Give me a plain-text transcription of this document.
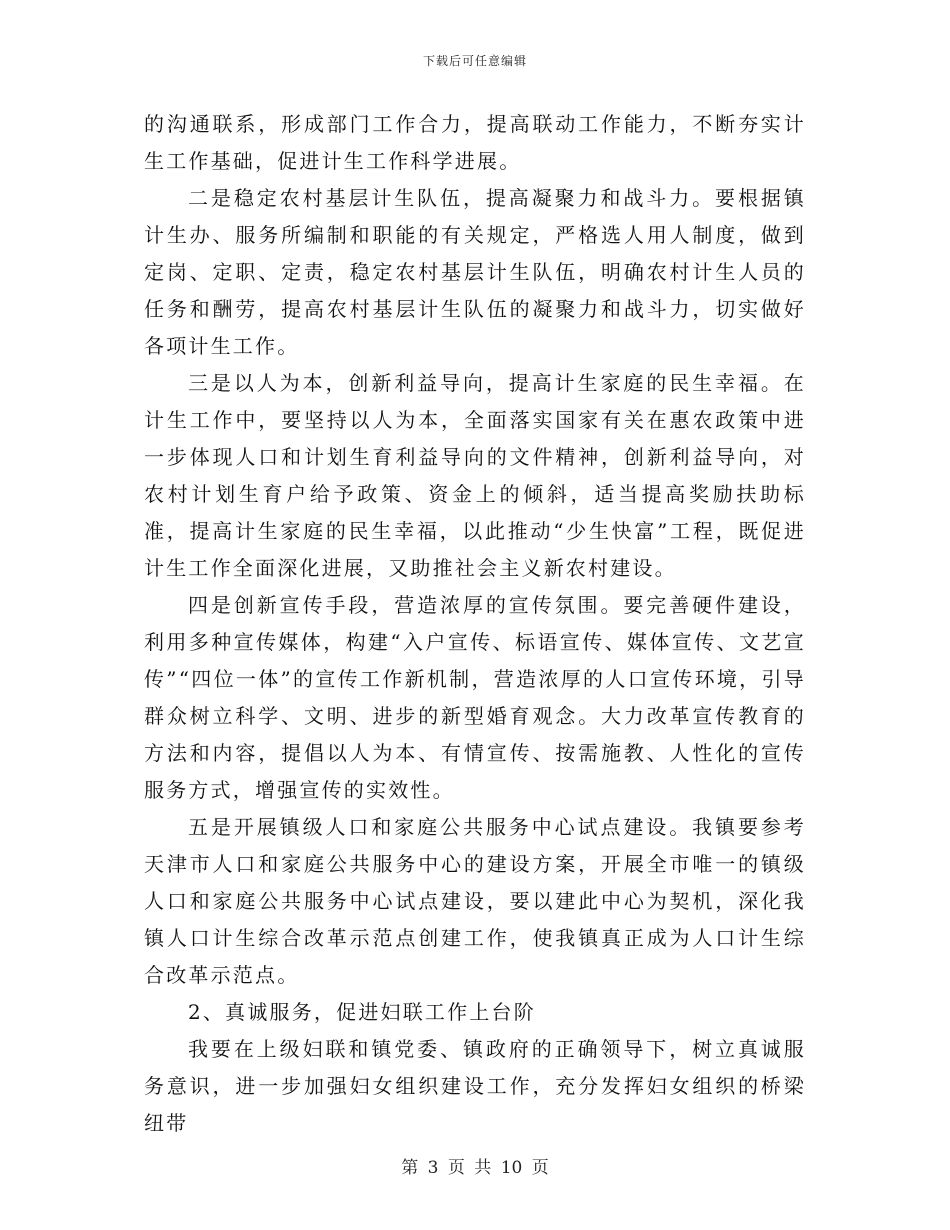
下载后可任意编辑

的沟通联系，形成部门工作合力，提高联动工作能力，不断夯实计生工作基础，促进计生工作科学进展。

二是稳定农村基层计生队伍，提高凝聚力和战斗力。要根据镇计生办、服务所编制和职能的有关规定，严格选人用人制度，做到定岗、定职、定责，稳定农村基层计生队伍，明确农村计生人员的任务和酬劳，提高农村基层计生队伍的凝聚力和战斗力，切实做好各项计生工作。

三是以人为本，创新利益导向，提高计生家庭的民生幸福。在计生工作中，要坚持以人为本，全面落实国家有关在惠农政策中进一步体现人口和计划生育利益导向的文件精神，创新利益导向，对农村计划生育户给予政策、资金上的倾斜，适当提高奖励扶助标准，提高计生家庭的民生幸福，以此推动“少生快富”工程，既促进计生工作全面深化进展，又助推社会主义新农村建设。

四是创新宣传手段，营造浓厚的宣传氛围。要完善硬件建设，利用多种宣传媒体，构建“入户宣传、标语宣传、媒体宣传、文艺宣传”“四位一体”的宣传工作新机制，营造浓厚的人口宣传环境，引导群众树立科学、文明、进步的新型婚育观念。大力改革宣传教育的方法和内容，提倡以人为本、有情宣传、按需施教、人性化的宣传服务方式，增强宣传的实效性。

五是开展镇级人口和家庭公共服务中心试点建设。我镇要参考天津市人口和家庭公共服务中心的建设方案，开展全市唯一的镇级人口和家庭公共服务中心试点建设，要以建此中心为契机，深化我镇人口计生综合改革示范点创建工作，使我镇真正成为人口计生综合改革示范点。

2、真诚服务，促进妇联工作上台阶

我要在上级妇联和镇党委、镇政府的正确领导下，树立真诚服务意识，进一步加强妇女组织建设工作，充分发挥妇女组织的桥梁纽带

第 3 页 共 10 页
